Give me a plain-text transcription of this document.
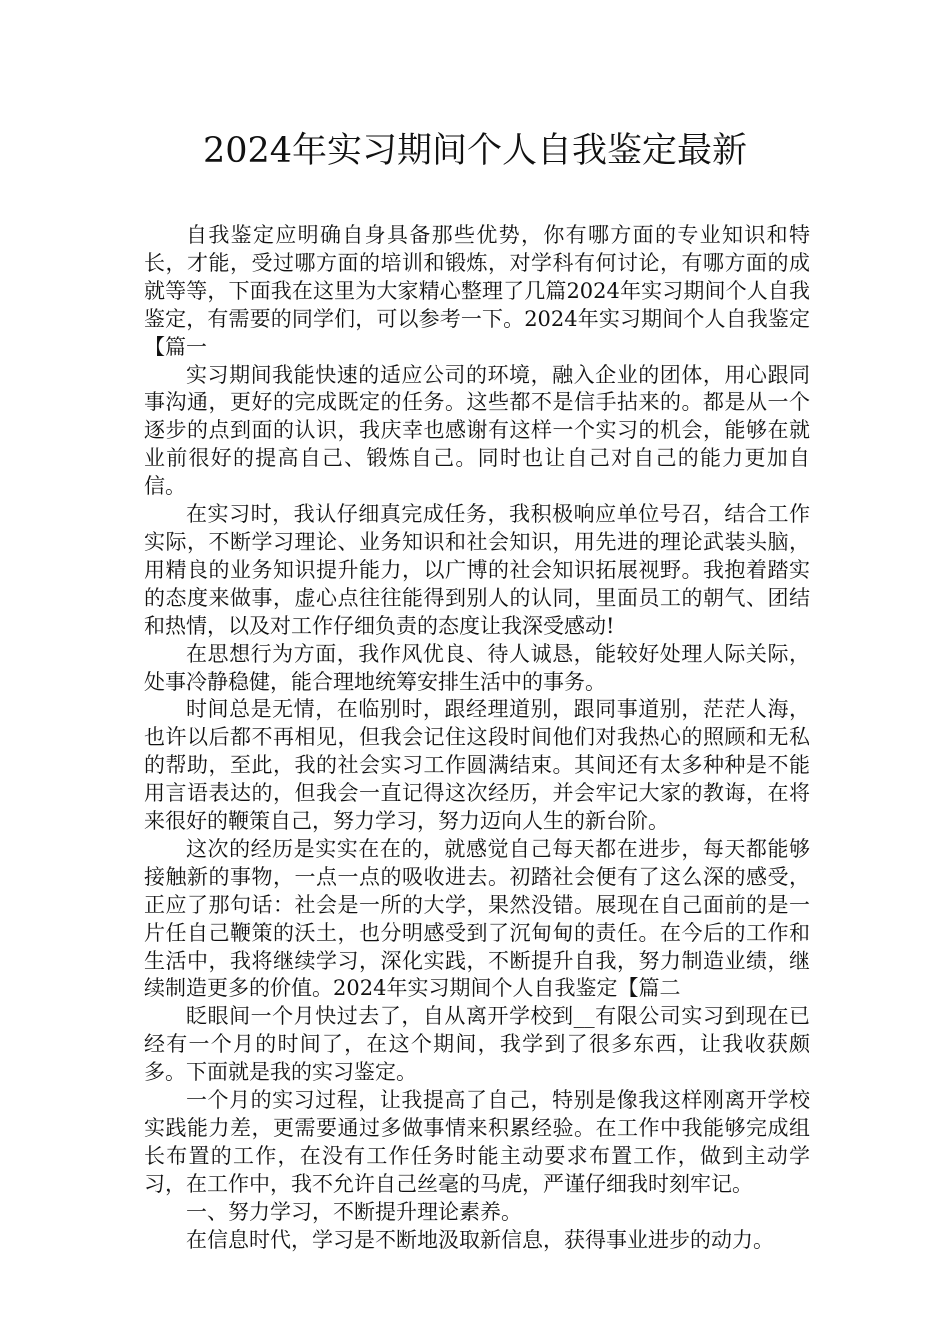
2024年实习期间个人自我鉴定最新

自我鉴定应明确自身具备那些优势，你有哪方面的专业知识和特长，才能，受过哪方面的培训和锻炼，对学科有何讨论，有哪方面的成就等等，下面我在这里为大家精心整理了几篇2024年实习期间个人自我鉴定，有需要的同学们，可以参考一下。2024年实习期间个人自我鉴定【篇一

实习期间我能快速的适应公司的环境，融入企业的团体，用心跟同事沟通，更好的完成既定的任务。这些都不是信手拈来的。都是从一个逐步的点到面的认识，我庆幸也感谢有这样一个实习的机会，能够在就业前很好的提高自己、锻炼自己。同时也让自己对自己的能力更加自信。

在实习时，我认仔细真完成任务，我积极响应单位号召，结合工作实际，不断学习理论、业务知识和社会知识，用先进的理论武装头脑，用精良的业务知识提升能力，以广博的社会知识拓展视野。我抱着踏实的态度来做事，虚心点往往能得到别人的认同，里面员工的朝气、团结和热情，以及对工作仔细负责的态度让我深受感动!

在思想行为方面，我作风优良、待人诚恳，能较好处理人际关际，处事冷静稳健，能合理地统筹安排生活中的事务。

时间总是无情，在临别时，跟经理道别，跟同事道别，茫茫人海，也许以后都不再相见，但我会记住这段时间他们对我热心的照顾和无私的帮助，至此，我的社会实习工作圆满结束。其间还有太多种种是不能用言语表达的，但我会一直记得这次经历，并会牢记大家的教诲，在将来很好的鞭策自己，努力学习，努力迈向人生的新台阶。

这次的经历是实实在在的，就感觉自己每天都在进步，每天都能够接触新的事物，一点一点的吸收进去。初踏社会便有了这么深的感受，正应了那句话：社会是一所的大学，果然没错。展现在自己面前的是一片任自己鞭策的沃土，也分明感受到了沉甸甸的责任。在今后的工作和生活中，我将继续学习，深化实践，不断提升自我，努力制造业绩，继续制造更多的价值。2024年实习期间个人自我鉴定【篇二

眨眼间一个月快过去了，自从离开学校到__有限公司实习到现在已经有一个月的时间了，在这个期间，我学到了很多东西，让我收获颇多。下面就是我的实习鉴定。

一个月的实习过程，让我提高了自己，特别是像我这样刚离开学校实践能力差，更需要通过多做事情来积累经验。在工作中我能够完成组长布置的工作，在没有工作任务时能主动要求布置工作，做到主动学习，在工作中，我不允许自己丝毫的马虎，严谨仔细我时刻牢记。

一、努力学习，不断提升理论素养。

在信息时代，学习是不断地汲取新信息，获得事业进步的动力。
